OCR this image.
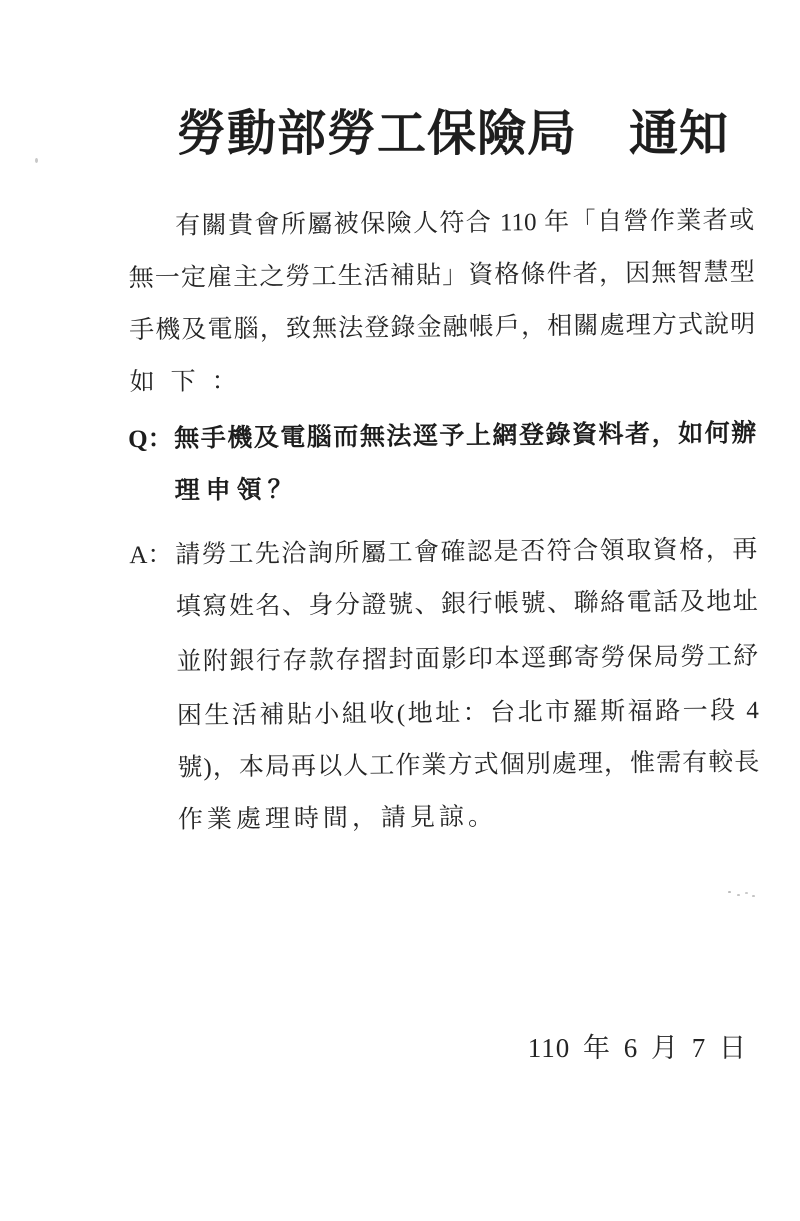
勞動部勞工保險局 通知
有關貴會所屬被保險人符合 110 年「自營作業者或
無一定雇主之勞工生活補貼」資格條件者，因無智慧型
手機及電腦，致無法登錄金融帳戶，相關處理方式說明
如下：
Q： 無手機及電腦而無法逕予上網登錄資料者，如何辦
理申領？
A： 請勞工先洽詢所屬工會確認是否符合領取資格，再
填寫姓名、身分證號、銀行帳號、聯絡電話及地址
並附銀行存款存摺封面影印本逕郵寄勞保局勞工紓
困生活補貼小組收(地址：台北市羅斯福路一段 4
號)，本局再以人工作業方式個別處理，惟需有較長
作業處理時間，請見諒。
110 年 6 月 7 日
